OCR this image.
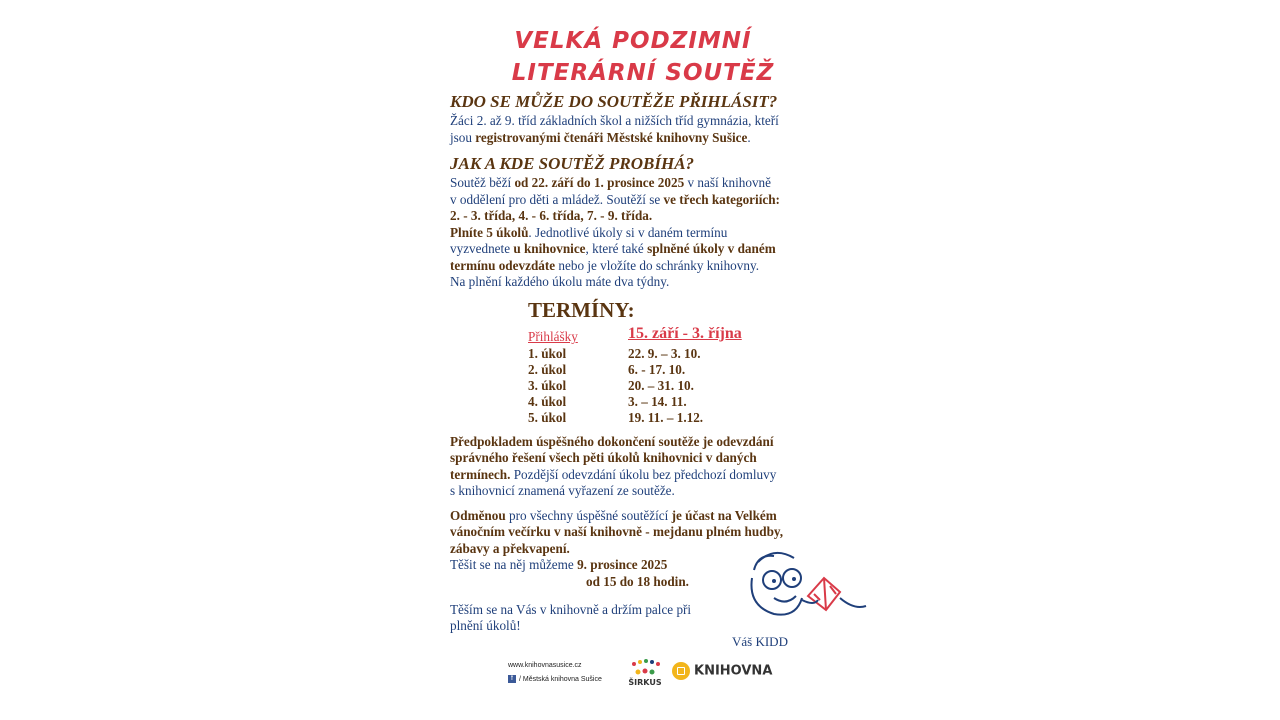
VELKÁ PODZIMNÍ
LITERÁRNÍ SOUTĚŽ
KDO SE MŮŽE DO SOUTĚŽE PŘIHLÁSIT?
Žáci 2. až 9. tříd základních škol a nižších tříd gymnázia, kteří
jsou registrovanými čtenáři Městské knihovny Sušice.
JAK A KDE SOUTĚŽ PROBÍHÁ?
Soutěž běží od 22. září do 1. prosince 2025 v naší knihovně
v oddělení pro děti a mládež. Soutěží se ve třech kategoriích:
2. - 3. třída, 4. - 6. třída, 7. - 9. třída.
Plníte 5 úkolů. Jednotlivé úkoly si v daném termínu
vyzvednete u knihovnice, které také splněné úkoly v daném
termínu odevzdáte nebo je vložíte do schránky knihovny.
Na plnění každého úkolu máte dva týdny.
TERMÍNY:
Přihlášky	15. září - 3. října
1. úkol	22. 9. – 3. 10.
2. úkol	6. - 17. 10.
3. úkol	20. – 31. 10.
4. úkol	3. – 14. 11.
5. úkol	19. 11. – 1.12.
Předpokladem úspěšného dokončení soutěže je odevzdání
správného řešení všech pěti úkolů knihovnici v daných
termínech. Pozdější odevzdání úkolu bez předchozí domluvy
s knihovnicí znamená vyřazení ze soutěže.
Odměnou pro všechny úspěšné soutěžící je účast na Velkém
vánočním večírku v naší knihovně - mejdanu plném hudby,
zábavy a překvapení.
Těšit se na něj můžeme 9. prosince 2025
od 15 do 18 hodin.
Těším se na Vás v knihovně a držím palce při
plnění úkolů!
Váš KIDD
www.knihovnasusice.cz
f / Městská knihovna Sušice	ŠIRKUS
KNIHOVNA
